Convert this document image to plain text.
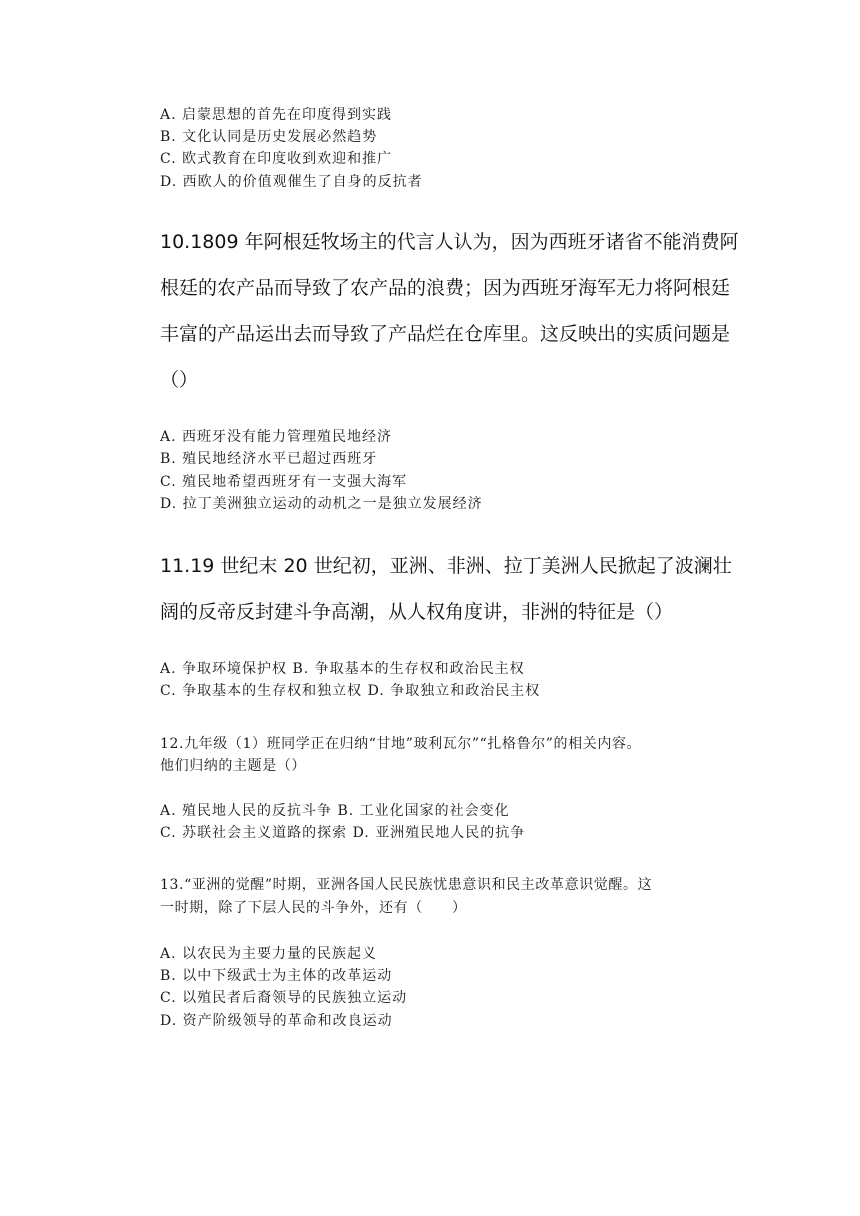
A. 启蒙思想的首先在印度得到实践
B. 文化认同是历史发展必然趋势
C. 欧式教育在印度收到欢迎和推广
D. 西欧人的价值观催生了自身的反抗者
10.1809 年阿根廷牧场主的代言人认为，因为西班牙诸省不能消费阿
根廷的农产品而导致了农产品的浪费；因为西班牙海军无力将阿根廷
丰富的产品运出去而导致了产品烂在仓库里。这反映出的实质问题是
（）
A. 西班牙没有能力管理殖民地经济
B. 殖民地经济水平已超过西班牙
C. 殖民地希望西班牙有一支强大海军
D. 拉丁美洲独立运动的动机之一是独立发展经济
11.19 世纪末 20 世纪初，亚洲、非洲、拉丁美洲人民掀起了波澜壮
阔的反帝反封建斗争高潮，从人权角度讲，非洲的特征是（）
A. 争取环境保护权 B. 争取基本的生存权和政治民主权
C. 争取基本的生存权和独立权 D. 争取独立和政治民主权
12.九年级（1）班同学正在归纳“甘地”玻利瓦尔”“扎格鲁尔”的相关内容。
他们归纳的主题是（）
A. 殖民地人民的反抗斗争 B. 工业化国家的社会变化
C. 苏联社会主义道路的探索 D. 亚洲殖民地人民的抗争
13.“亚洲的觉醒”时期，亚洲各国人民民族忧患意识和民主改革意识觉醒。这
一时期，除了下层人民的斗争外，还有（　　）
A. 以农民为主要力量的民族起义
B. 以中下级武士为主体的改革运动
C. 以殖民者后裔领导的民族独立运动
D. 资产阶级领导的革命和改良运动
